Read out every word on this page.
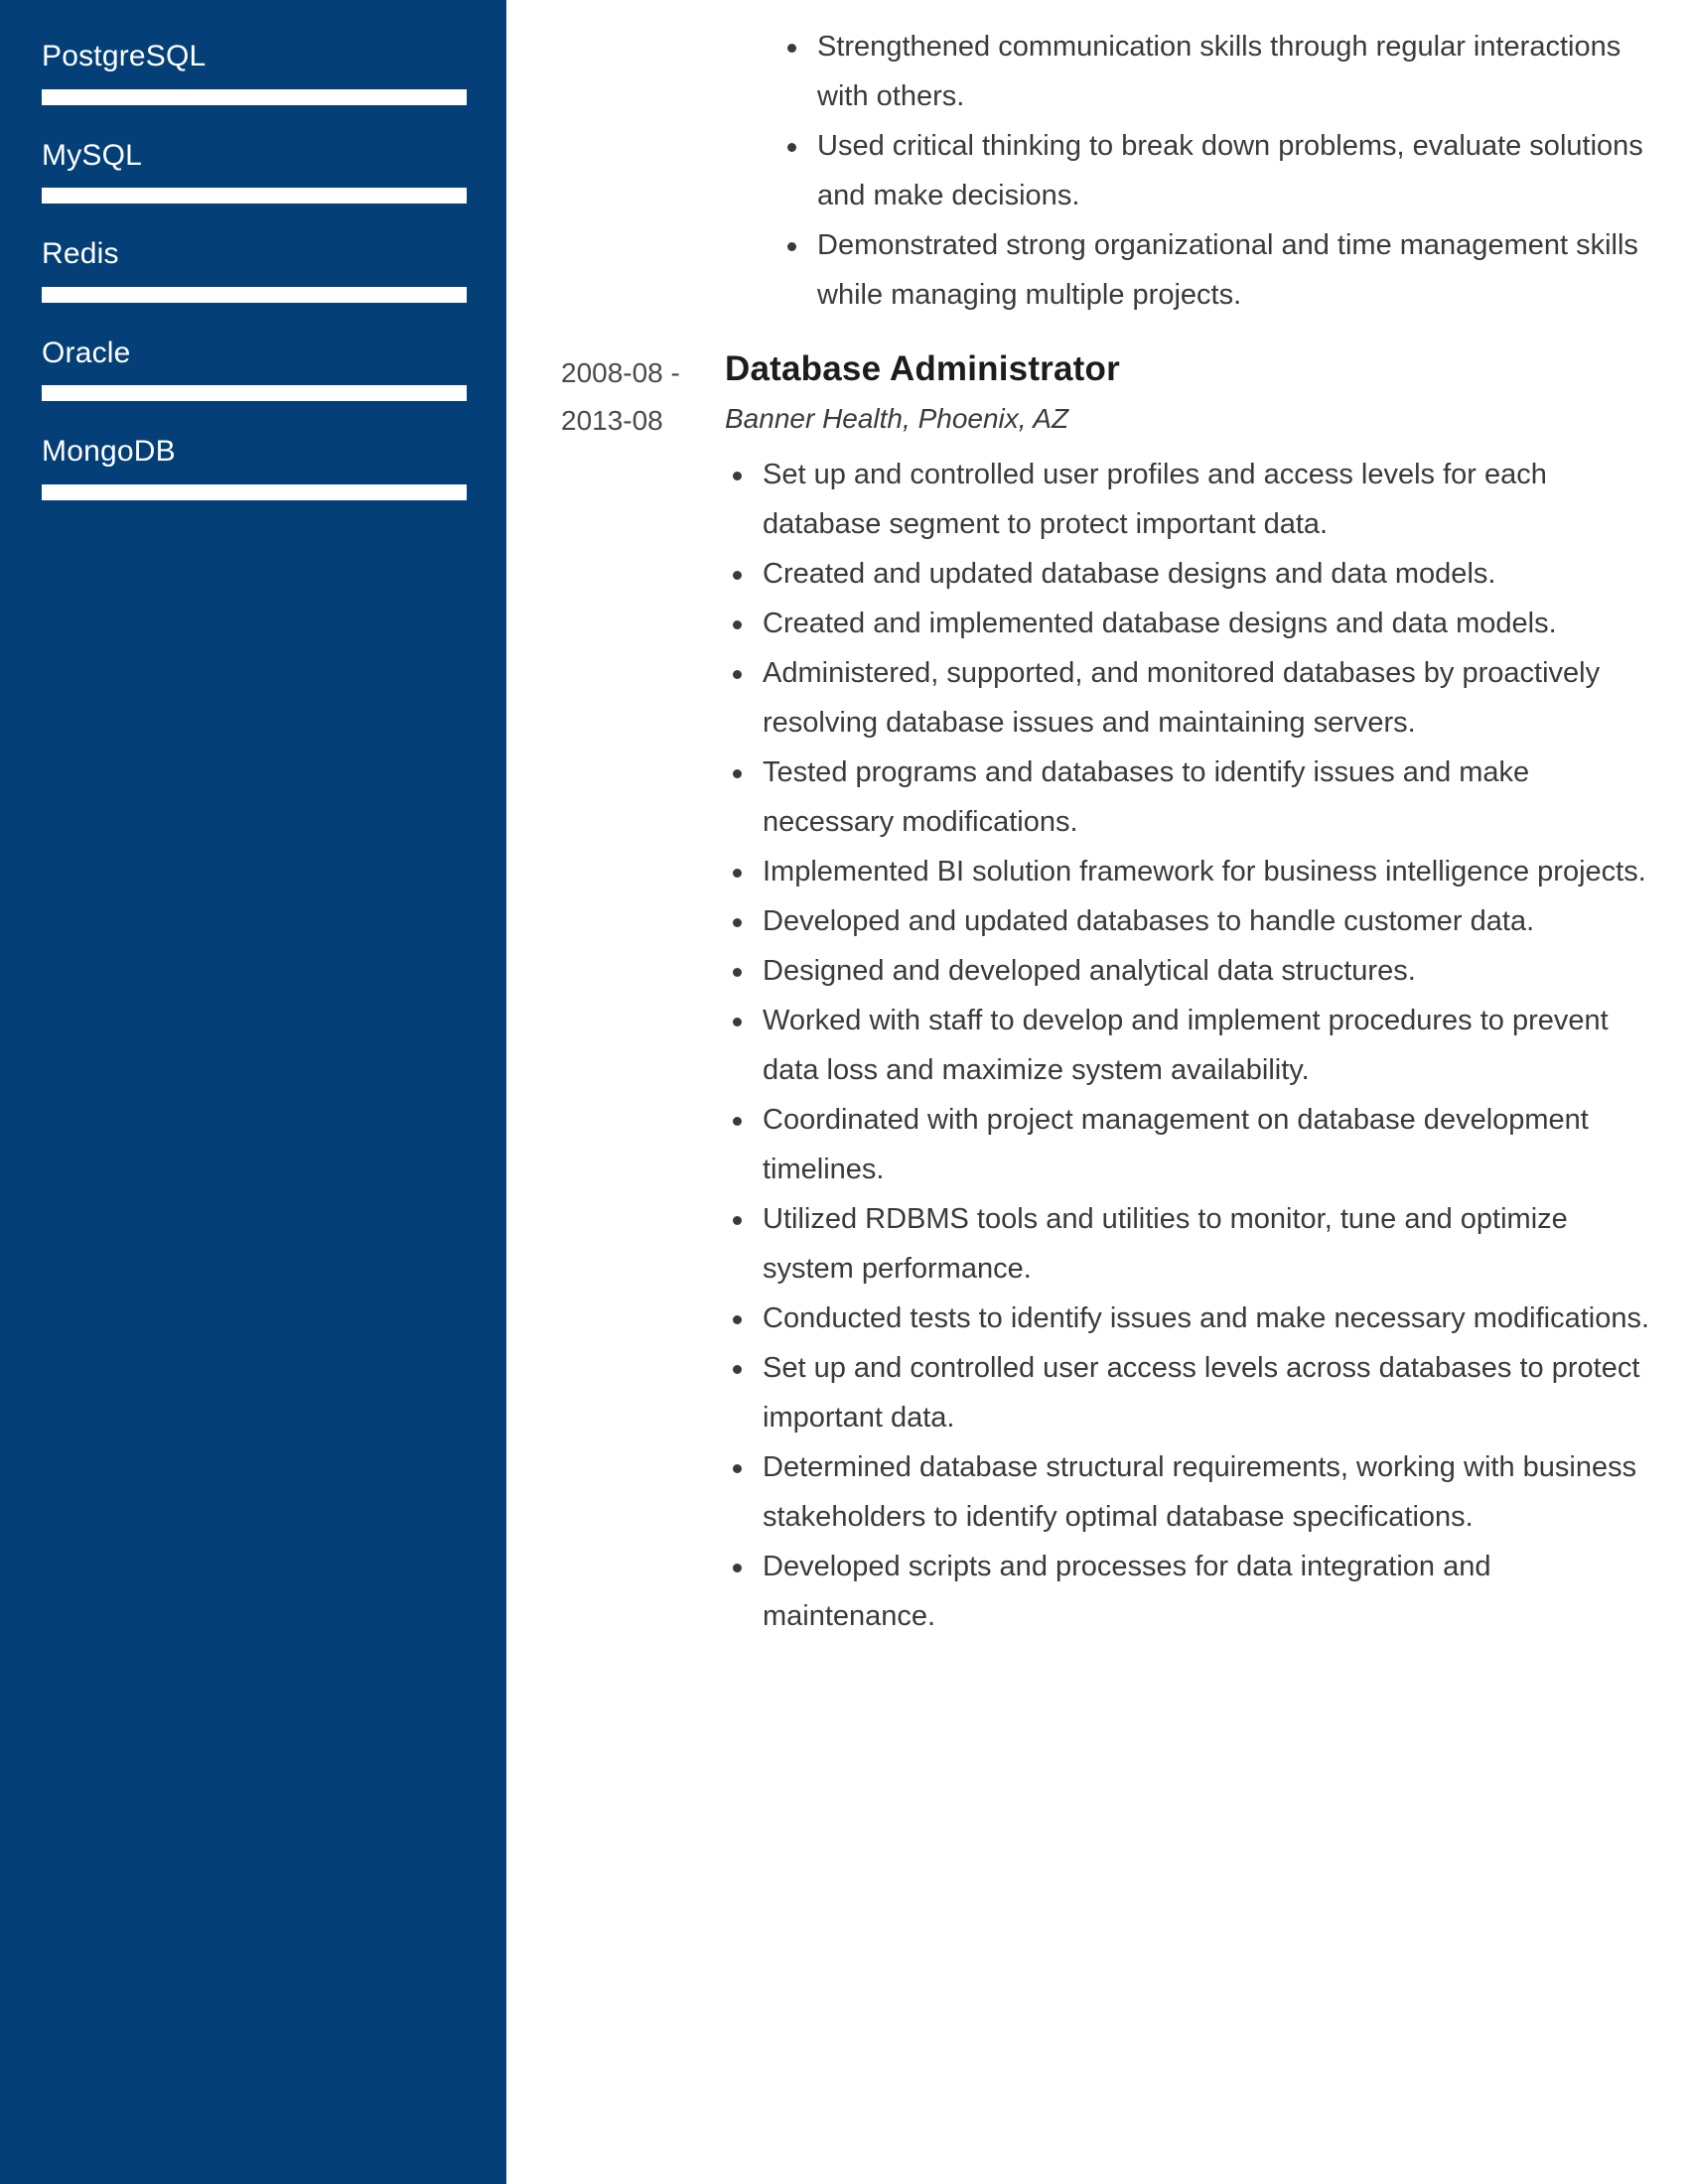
PostgreSQL
MySQL
Redis
Oracle
MongoDB
Strengthened communication skills through regular interactions with others.
Used critical thinking to break down problems, evaluate solutions and make decisions.
Demonstrated strong organizational and time management skills while managing multiple projects.
2008-08 -
2013-08
Database Administrator
Banner Health, Phoenix, AZ
Set up and controlled user profiles and access levels for each database segment to protect important data.
Created and updated database designs and data models.
Created and implemented database designs and data models.
Administered, supported, and monitored databases by proactively resolving database issues and maintaining servers.
Tested programs and databases to identify issues and make necessary modifications.
Implemented BI solution framework for business intelligence projects.
Developed and updated databases to handle customer data.
Designed and developed analytical data structures.
Worked with staff to develop and implement procedures to prevent data loss and maximize system availability.
Coordinated with project management on database development timelines.
Utilized RDBMS tools and utilities to monitor, tune and optimize system performance.
Conducted tests to identify issues and make necessary modifications.
Set up and controlled user access levels across databases to protect important data.
Determined database structural requirements, working with business stakeholders to identify optimal database specifications.
Developed scripts and processes for data integration and maintenance.
